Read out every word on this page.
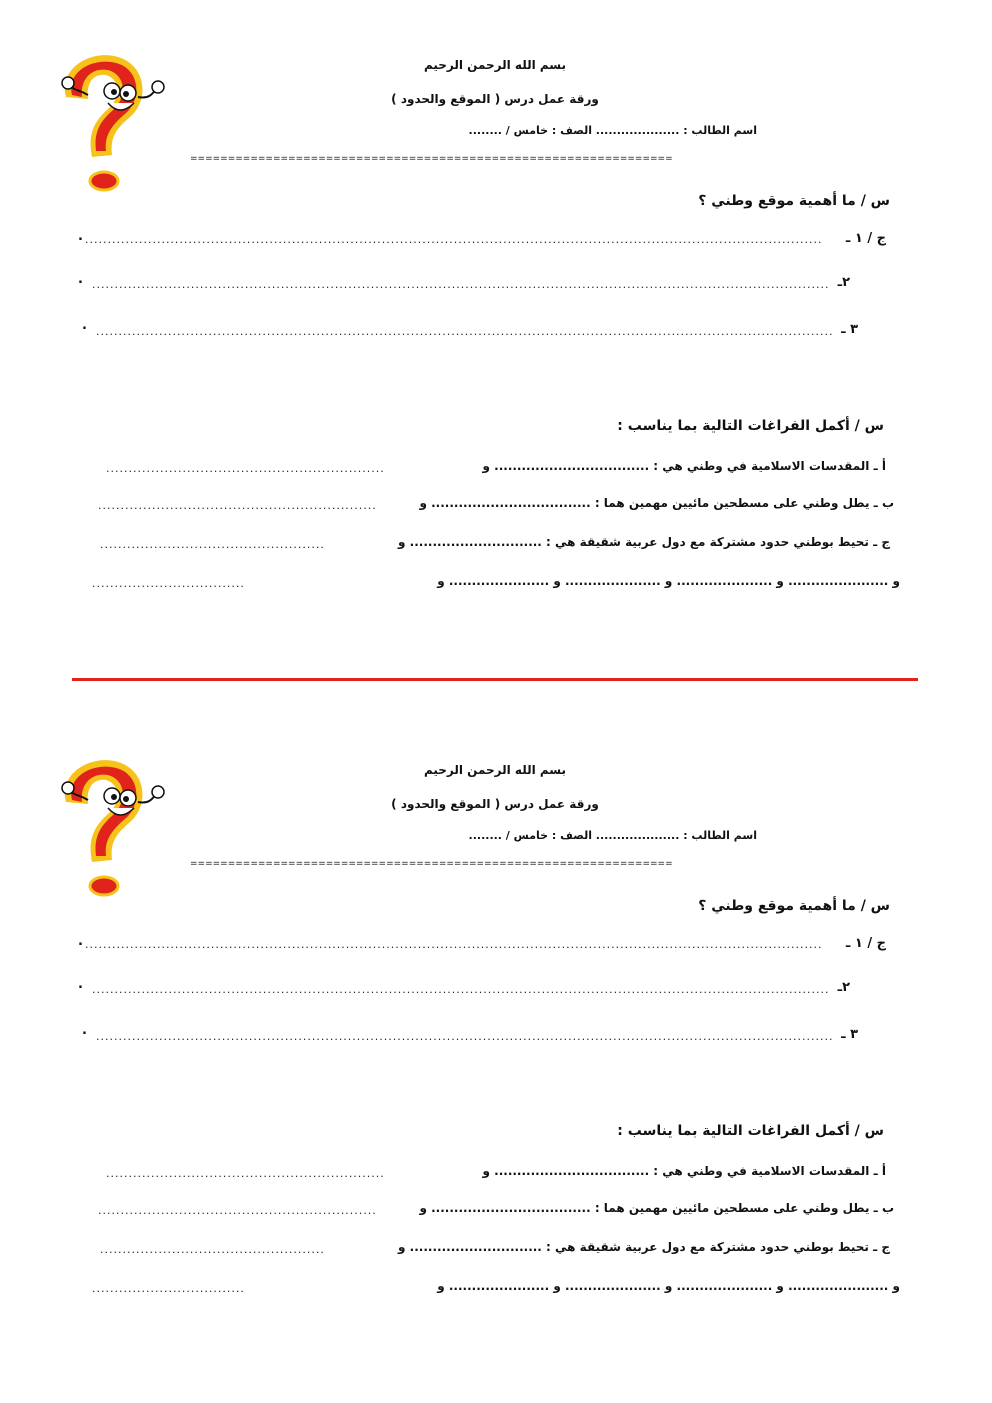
بسم الله الرحمن الرحيم
ورقة عمل درس ( الموقع والحدود )
اسم الطالب : .................... الصف : خامس / ........
================================================================
س / ما أهمية موقع وطني ؟
ج / ١ ـ
....................................................................................................................................................................
.
٢ـ
....................................................................................................................................................................
.
٣ ـ
....................................................................................................................................................................
.
س / أكمل الفراغات التالية بما يناسب :
أ ـ المقدسات الاسلامية في وطني هي : .................................. و
..............................................................
ب ـ يطل وطني على مسطحين مائيين مهمين هما : ................................... و
..............................................................
ج ـ تحيط بوطني حدود مشتركة مع دول عربية شقيقة هي : ............................. و
..................................................
و ...................... و ..................... و ..................... و ...................... و
..................................
بسم الله الرحمن الرحيم
ورقة عمل درس ( الموقع والحدود )
اسم الطالب : .................... الصف : خامس / ........
================================================================
س / ما أهمية موقع وطني ؟
ج / ١ ـ
....................................................................................................................................................................
.
٢ـ
....................................................................................................................................................................
.
٣ ـ
....................................................................................................................................................................
.
س / أكمل الفراغات التالية بما يناسب :
أ ـ المقدسات الاسلامية في وطني هي : .................................. و
..............................................................
ب ـ يطل وطني على مسطحين مائيين مهمين هما : ................................... و
..............................................................
ج ـ تحيط بوطني حدود مشتركة مع دول عربية شقيقة هي : ............................. و
..................................................
و ...................... و ..................... و ..................... و ...................... و
..................................
